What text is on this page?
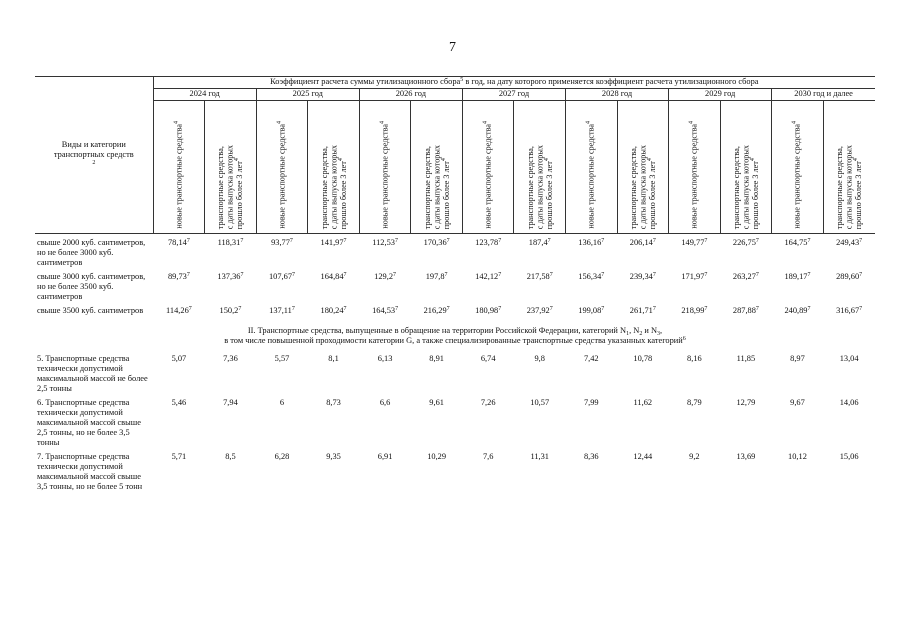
7
Виды и категории транспортных средств$^2$	Коэффициент расчета суммы утилизационного сбора$^5$ в год, на дату которого применяется коэффициент расчета утилизационного сбора													
	2024 год		2025 год		2026 год		2027 год		2028 год		2029 год		2030 год и далее	

	новые транспортные средства$^4$	транспортные средства,
с даты выпуска которых
прошло более 3 лет$^4$	новые транспортные средства$^4$	транспортные средства,
с даты выпуска которых
прошло более 3 лет$^4$	новые транспортные средства$^4$	транспортные средства,
с даты выпуска которых
прошло более 3 лет$^4$	новые транспортные средства$^4$	транспортные средства,
с даты выпуска которых
прошло более 3 лет$^4$	новые транспортные средства$^4$	транспортные средства,
с даты выпуска которых
прошло более 3 лет$^4$	новые транспортные средства$^4$	транспортные средства,
с даты выпуска которых
прошло более 3 лет$^4$	новые транспортные средства$^4$	транспортные средства,
с даты выпуска которых
прошло более 3 лет$^4$

свыше 2000 куб. сантиметров, но не более 3000 куб. сантиметров	78,14$^7$	118,31$^7$	93,77$^7$	141,97$^7$	112,53$^7$	170,36$^7$	123,78$^7$	187,4$^7$	136,16$^7$	206,14$^7$	149,77$^7$	226,75$^7$	164,75$^7$	249,43$^7$
свыше 3000 куб. сантиметров, но не более 3500 куб. сантиметров	89,73$^7$	137,36$^7$	107,67$^7$	164,84$^7$	129,2$^7$	197,8$^7$	142,12$^7$	217,58$^7$	156,34$^7$	239,34$^7$	171,97$^7$	263,27$^7$	189,17$^7$	289,60$^7$
свыше 3500 куб. сантиметров	114,26$^7$	150,2$^7$	137,11$^7$	180,24$^7$	164,53$^7$	216,29$^7$	180,98$^7$	237,92$^7$	199,08$^7$	261,71$^7$	218,99$^7$	287,88$^7$	240,89$^7$	316,67$^7$
II. Транспортные средства, выпущенные в обращение на территории Российской Федерации, категорий $N_1$, $N_2$ и $N_3$,
в том числе повышенной проходимости категории G, а также специализированные транспортные средства указанных категорий$^6$
5. Транспортные средства технически допустимой максимальной массой не более 2,5 тонны	5,07	7,36	5,57	8,1	6,13	8,91	6,74	9,8	7,42	10,78	8,16	11,85	8,97	13,04
6. Транспортные средства технически допустимой максимальной массой свыше 2,5 тонны, но не более 3,5 тонны	5,46	7,94	6	8,73	6,6	9,61	7,26	10,57	7,99	11,62	8,79	12,79	9,67	14,06
7. Транспортные средства технически допустимой максимальной массой свыше 3,5 тонны, но не более 5 тонн	5,71	8,5	6,28	9,35	6,91	10,29	7,6	11,31	8,36	12,44	9,2	13,69	10,12	15,06
